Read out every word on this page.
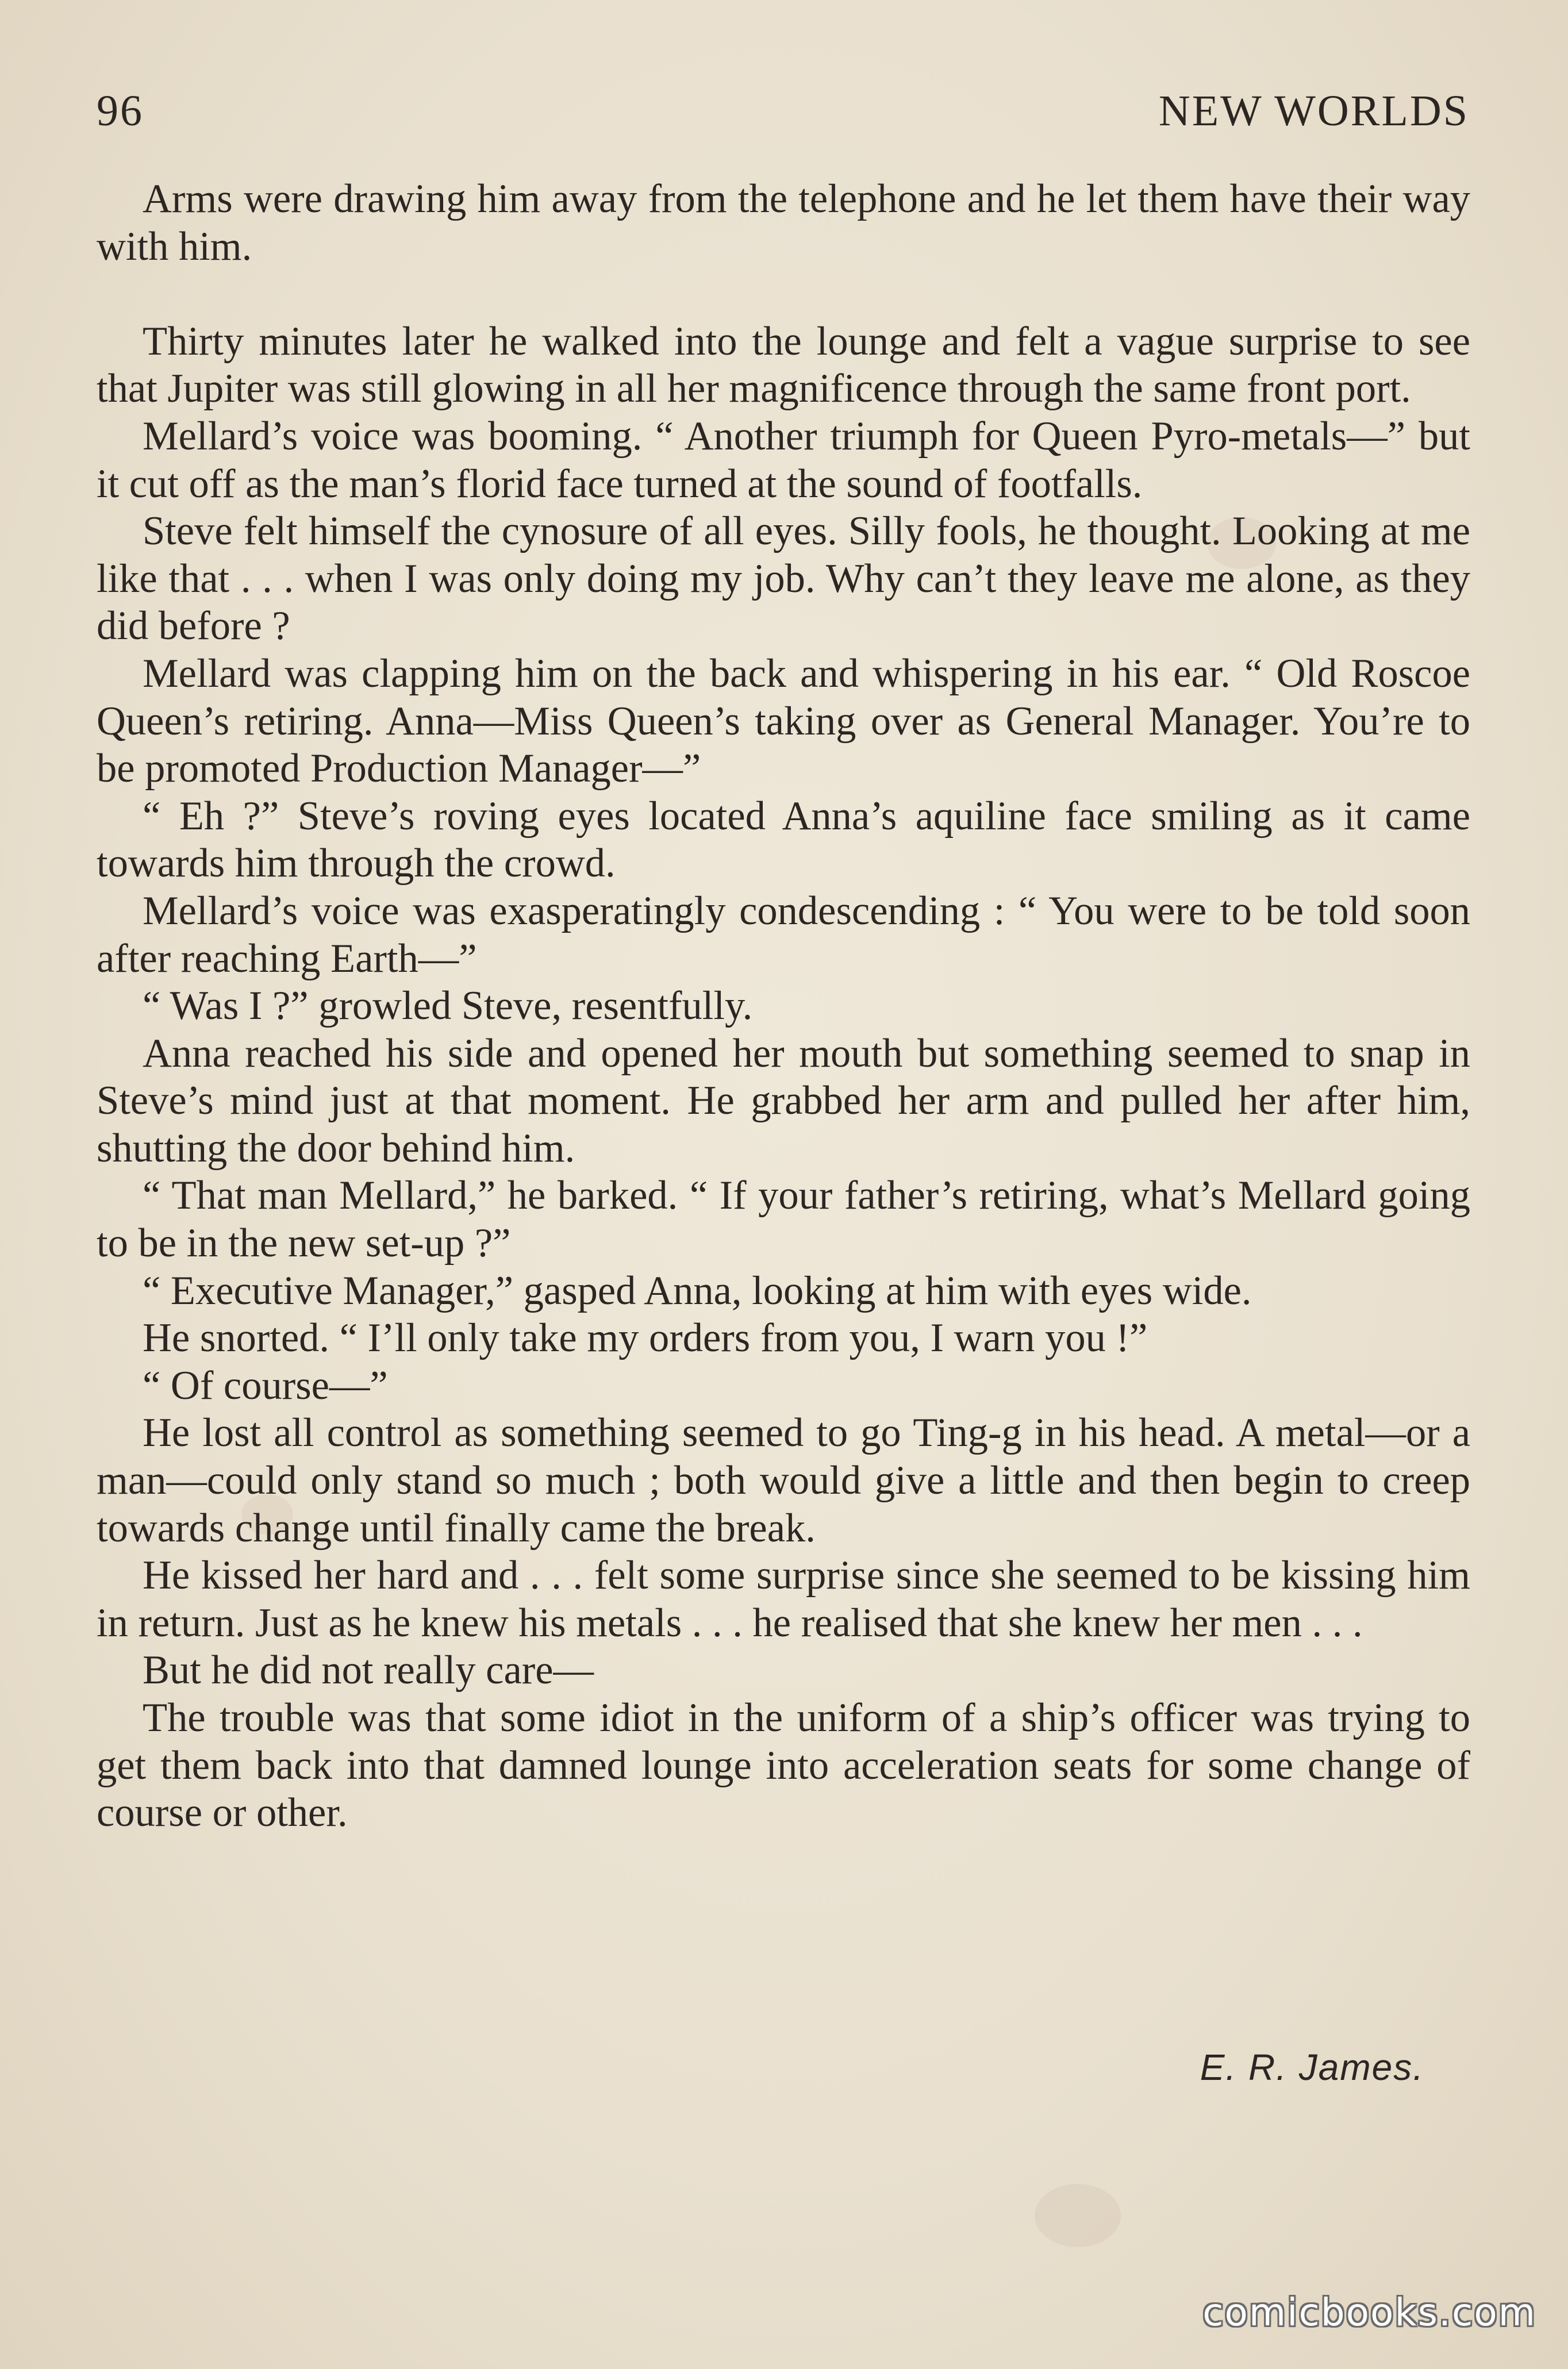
96	NEW WORLDS

Arms were drawing him away from the telephone and he let them have their way with him.

Thirty minutes later he walked into the lounge and felt a vague surprise to see that Jupiter was still glowing in all her magnificence through the same front port.

Mellard’s voice was booming. “ Another triumph for Queen Pyro-metals—” but it cut off as the man’s florid face turned at the sound of footfalls.

Steve felt himself the cynosure of all eyes. Silly fools, he thought. Looking at me like that . . . when I was only doing my job. Why can’t they leave me alone, as they did before ?

Mellard was clapping him on the back and whispering in his ear. “ Old Roscoe Queen’s retiring. Anna—Miss Queen’s taking over as General Manager. You’re to be promoted Production Manager—”

“ Eh ?” Steve’s roving eyes located Anna’s aquiline face smiling as it came towards him through the crowd.

Mellard’s voice was exasperatingly condescending : “ You were to be told soon after reaching Earth—”

“ Was I ?” growled Steve, resentfully.

Anna reached his side and opened her mouth but something seemed to snap in Steve’s mind just at that moment. He grabbed her arm and pulled her after him, shutting the door behind him.

“ That man Mellard,” he barked. “ If your father’s retiring, what’s Mellard going to be in the new set-up ?”

“ Executive Manager,” gasped Anna, looking at him with eyes wide.

He snorted. “ I’ll only take my orders from you, I warn you !”

“ Of course—”

He lost all control as something seemed to go Ting-g in his head. A metal—or a man—could only stand so much ; both would give a little and then begin to creep towards change until finally came the break.

He kissed her hard and . . . felt some surprise since she seemed to be kissing him in return. Just as he knew his metals . . . he realised that she knew her men . . .

But he did not really care—

The trouble was that some idiot in the uniform of a ship’s officer was trying to get them back into that damned lounge into acceleration seats for some change of course or other.

E. R. James.
comicbooks.com
